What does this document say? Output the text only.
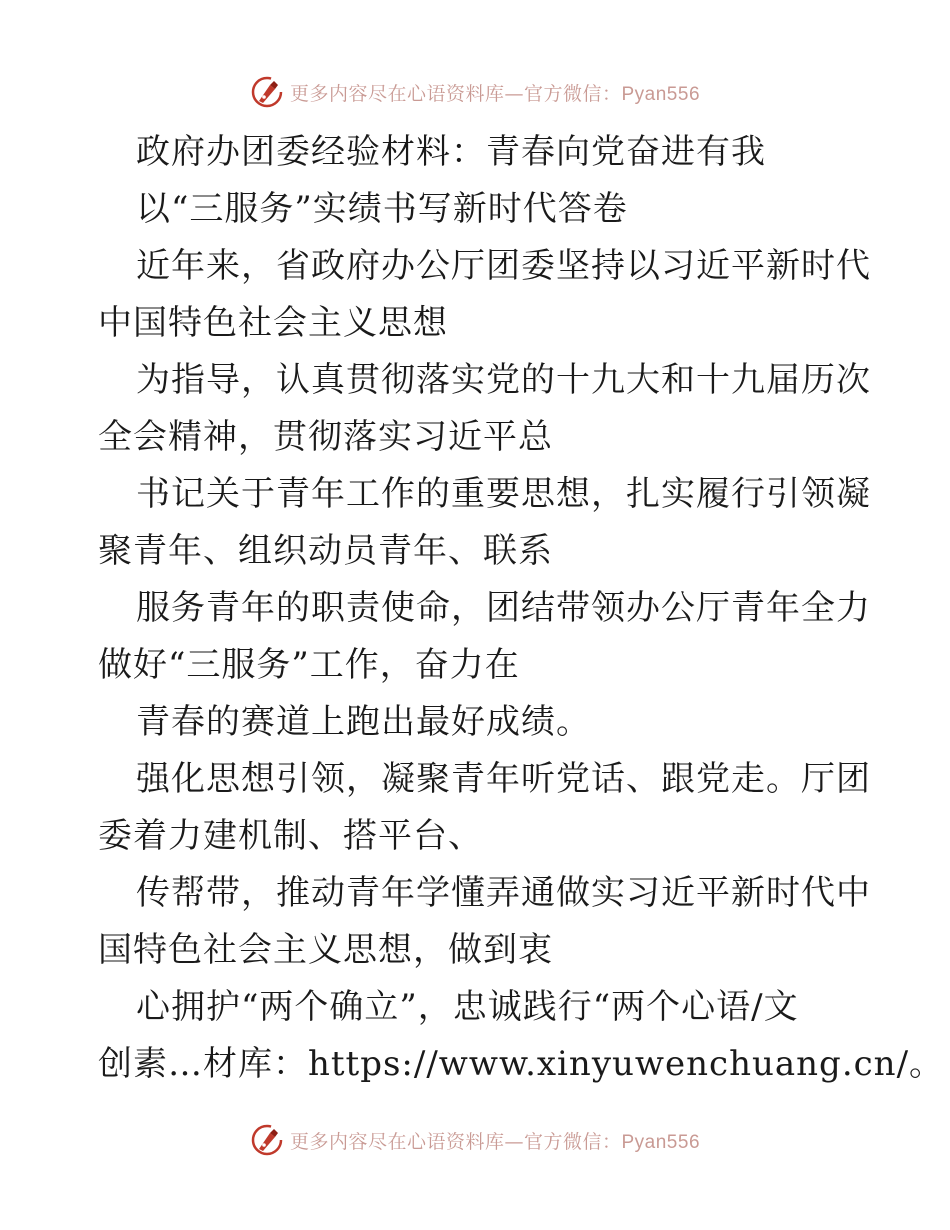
更多内容尽在心语资料库—官方微信：Pyan556
政府办团委经验材料：青春向党奋进有我
以“三服务”实绩书写新时代答卷
近年来，省政府办公厅团委坚持以习近平新时代
中国特色社会主义思想
为指导，认真贯彻落实党的十九大和十九届历次
全会精神，贯彻落实习近平总
书记关于青年工作的重要思想，扎实履行引领凝
聚青年、组织动员青年、联系
服务青年的职责使命，团结带领办公厅青年全力
做好“三服务”工作，奋力在
青春的赛道上跑出最好成绩。
强化思想引领，凝聚青年听党话、跟党走。厅团
委着力建机制、搭平台、
传帮带，推动青年学懂弄通做实习近平新时代中
国特色社会主义思想，做到衷
心拥护“两个确立”，忠诚践行“两个心语/文
创素…材库：https://www.xinyuwenchuang.cn/。
更多内容尽在心语资料库—官方微信：Pyan556
